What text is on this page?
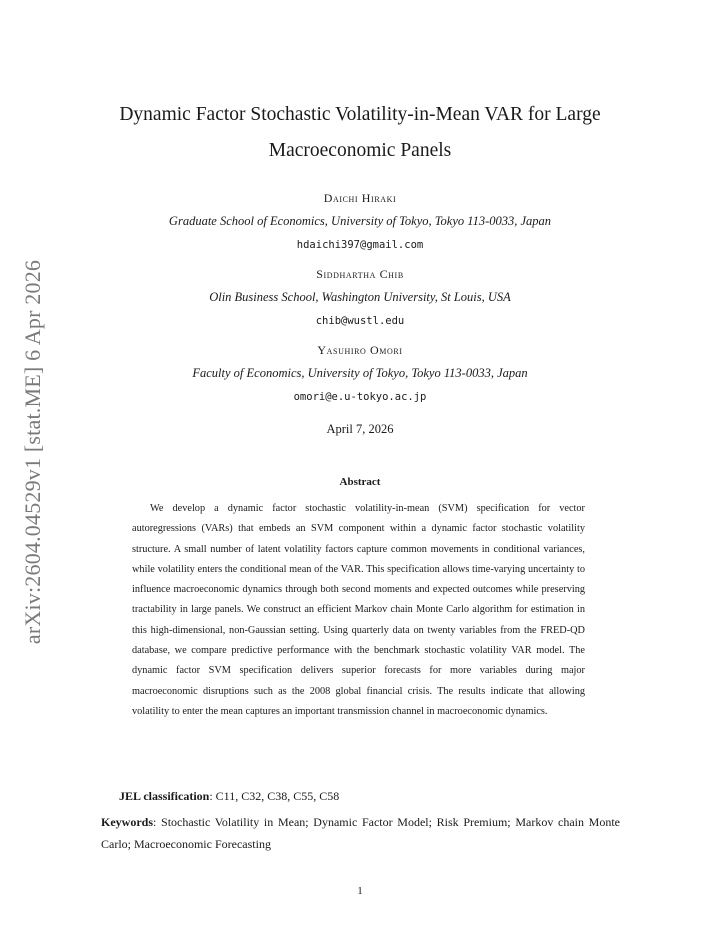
arXiv:2604.04529v1 [stat.ME] 6 Apr 2026
Dynamic Factor Stochastic Volatility-in-Mean VAR for Large Macroeconomic Panels
Daichi Hiraki
Graduate School of Economics, University of Tokyo, Tokyo 113-0033, Japan
hdaichi397@gmail.com
Siddhartha Chib
Olin Business School, Washington University, St Louis, USA
chib@wustl.edu
Yasuhiro Omori
Faculty of Economics, University of Tokyo, Tokyo 113-0033, Japan
omori@e.u-tokyo.ac.jp
April 7, 2026
Abstract

We develop a dynamic factor stochastic volatility-in-mean (SVM) specification for vector autoregressions (VARs) that embeds an SVM component within a dynamic factor stochastic volatility structure. A small number of latent volatility factors capture common movements in conditional variances, while volatility enters the conditional mean of the VAR. This specification allows time-varying uncertainty to influence macroeconomic dynamics through both second moments and expected outcomes while preserving tractability in large panels. We construct an efficient Markov chain Monte Carlo algorithm for estimation in this high-dimensional, non-Gaussian setting. Using quarterly data on twenty variables from the FRED-QD database, we compare predictive performance with the benchmark stochastic volatility VAR model. The dynamic factor SVM specification delivers superior forecasts for more variables during major macroeconomic disruptions such as the 2008 global financial crisis. The results indicate that allowing volatility to enter the mean captures an important transmission channel in macroeconomic dynamics.

JEL classification: C11, C32, C38, C55, C58

Keywords: Stochastic Volatility in Mean; Dynamic Factor Model; Risk Premium; Markov chain Monte Carlo; Macroeconomic Forecasting

1
